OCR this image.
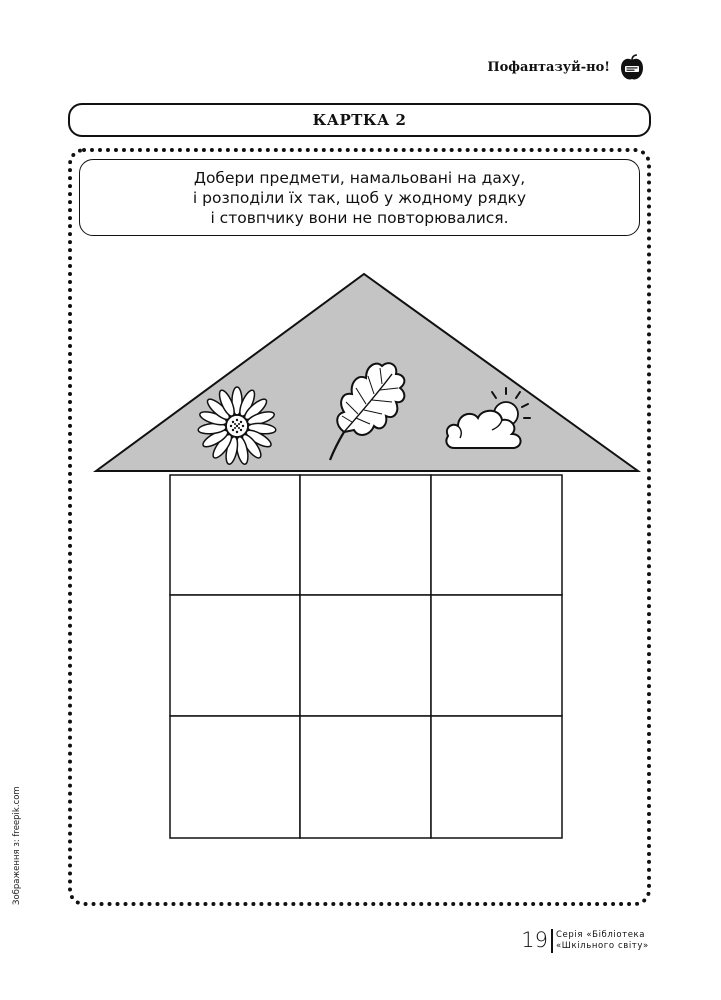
Пофантазуй-но!
КАРТКА 2
Добери предмети, намальовані на даху,
і розподіли їх так, щоб у жодному рядку
і стовпчику вони не повторювалися.
Зображення з: freepik.com
19 Серія «Бібліотека
«Шкільного світу»
